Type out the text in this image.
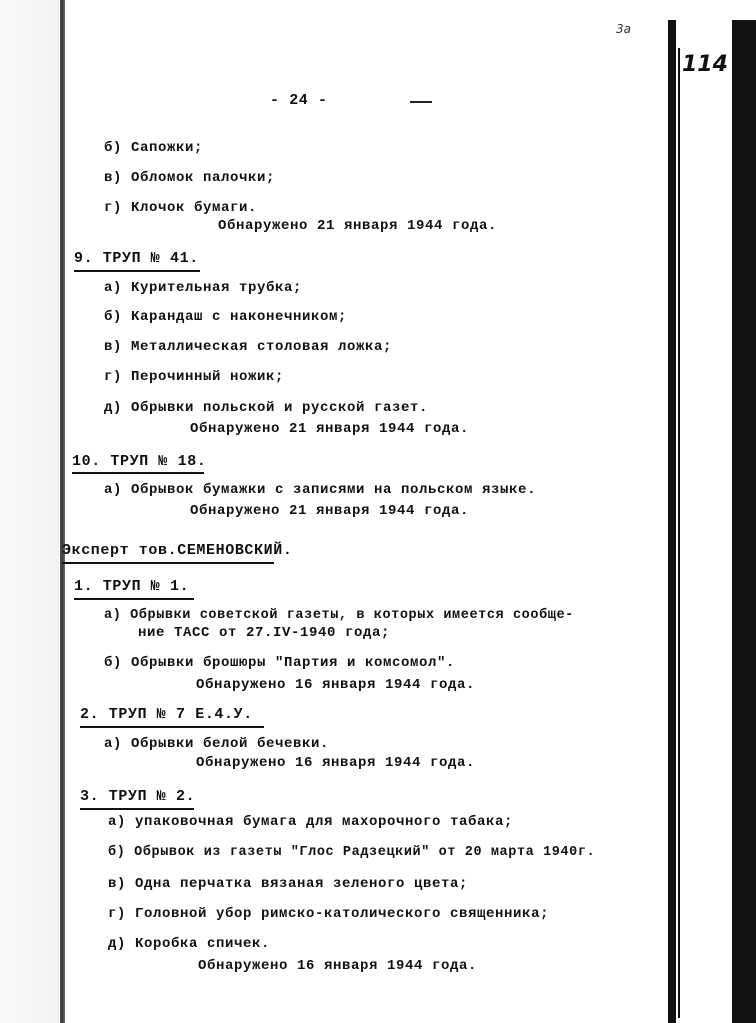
114
3а
- 24 -
б) Сапожки;
в) Обломок палочки;
г) Клочок бумаги.
Обнаружено 21 января 1944 года.
9. ТРУП № 41.
а) Курительная трубка;
б) Карандаш с наконечником;
в) Металлическая столовая ложка;
г) Перочинный ножик;
д) Обрывки польской и русской газет.
Обнаружено 21 января 1944 года.
10. ТРУП № 18.
а) Обрывок бумажки с записями на польском языке.
Обнаружено 21 января 1944 года.
Эксперт тов.СЕМЕНОВСКИЙ.
1. ТРУП № 1.
а) Обрывки советской газеты, в которых имеется сообще-
ние ТАСС от 27.IV-1940 года;
б) Обрывки брошюры "Партия и комсомол".
Обнаружено 16 января 1944 года.
2. ТРУП № 7 Е.4.У.
а) Обрывки белой бечевки.
Обнаружено 16 января 1944 года.
3. ТРУП № 2.
а) упаковочная бумага для махорочного табака;
б) Обрывок из газеты "Глос Радзецкий" от 20 марта 1940г.
в) Одна перчатка вязаная зеленого цвета;
г) Головной убор римско-католического священника;
д) Коробка спичек.
Обнаружено 16 января 1944 года.
